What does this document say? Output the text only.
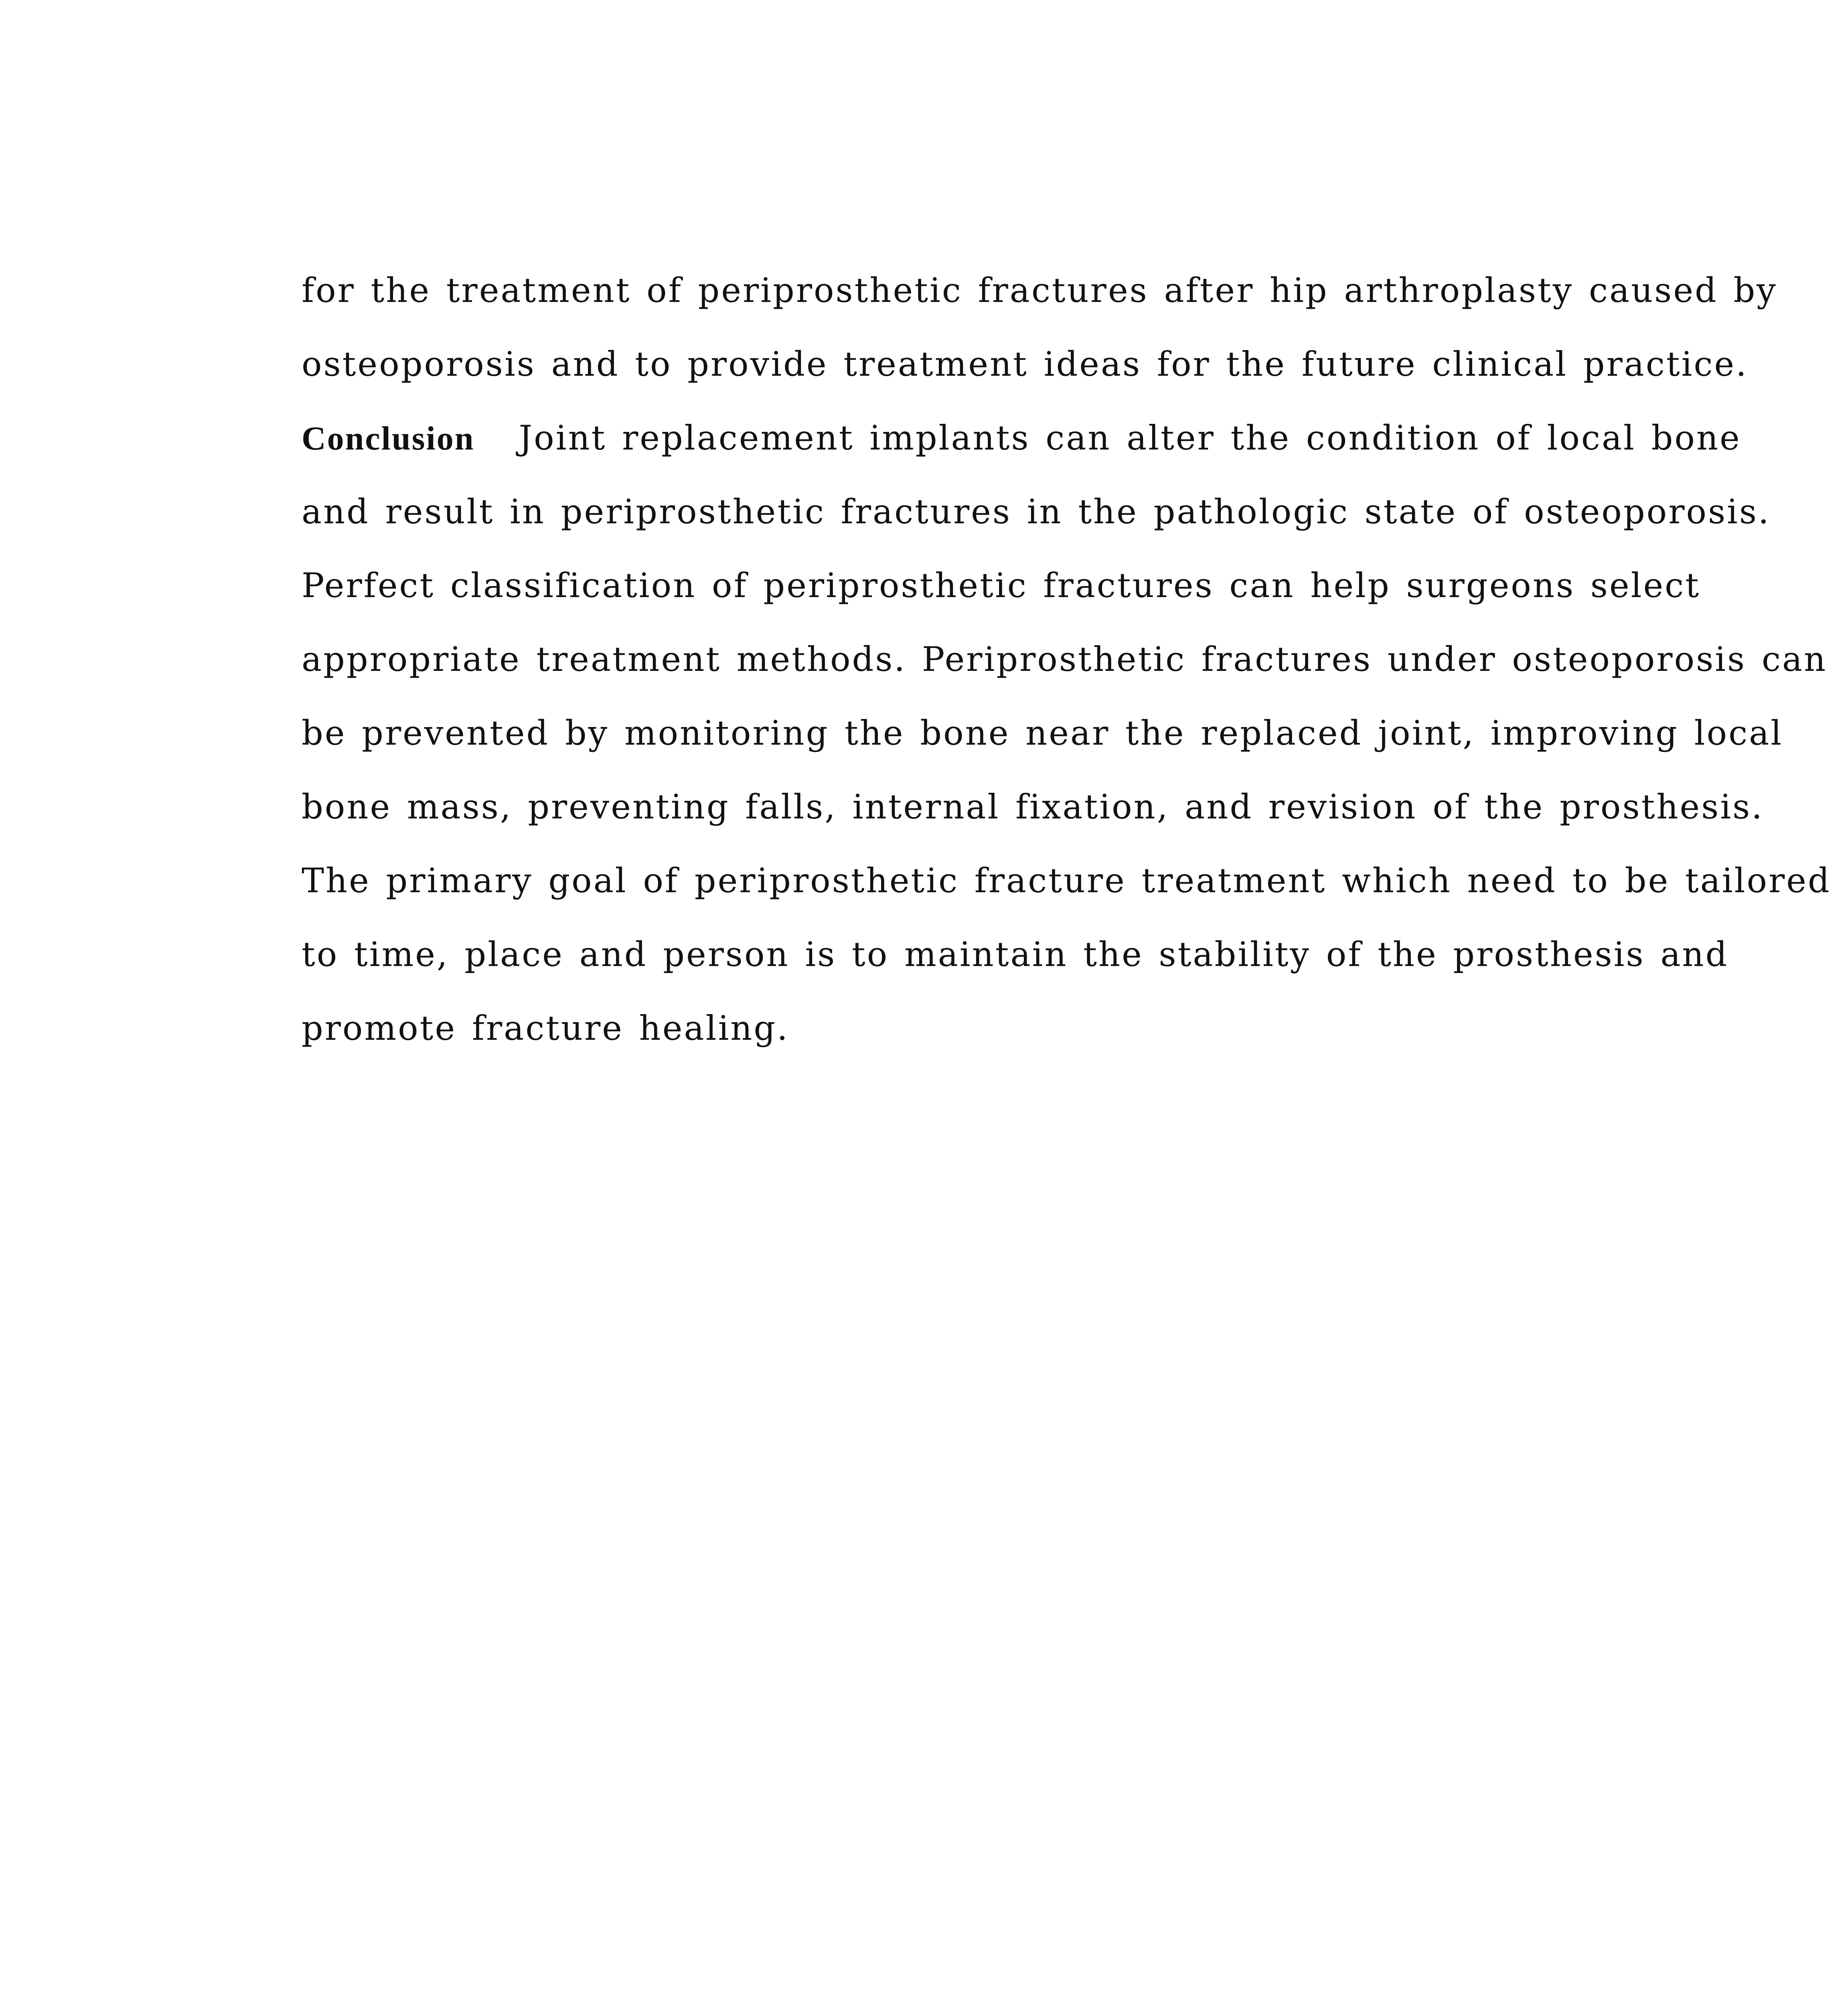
for the treatment of periprosthetic fractures after hip arthroplasty caused by
osteoporosis and to provide treatment ideas for the future clinical practice.
Conclusion Joint replacement implants can alter the condition of local bone
and result in periprosthetic fractures in the pathologic state of osteoporosis.
Perfect classification of periprosthetic fractures can help surgeons select
appropriate treatment methods. Periprosthetic fractures under osteoporosis can
be prevented by monitoring the bone near the replaced joint, improving local
bone mass, preventing falls, internal fixation, and revision of the prosthesis.
The primary goal of periprosthetic fracture treatment which need to be tailored
to time, place and person is to maintain the stability of the prosthesis and
promote fracture healing.
